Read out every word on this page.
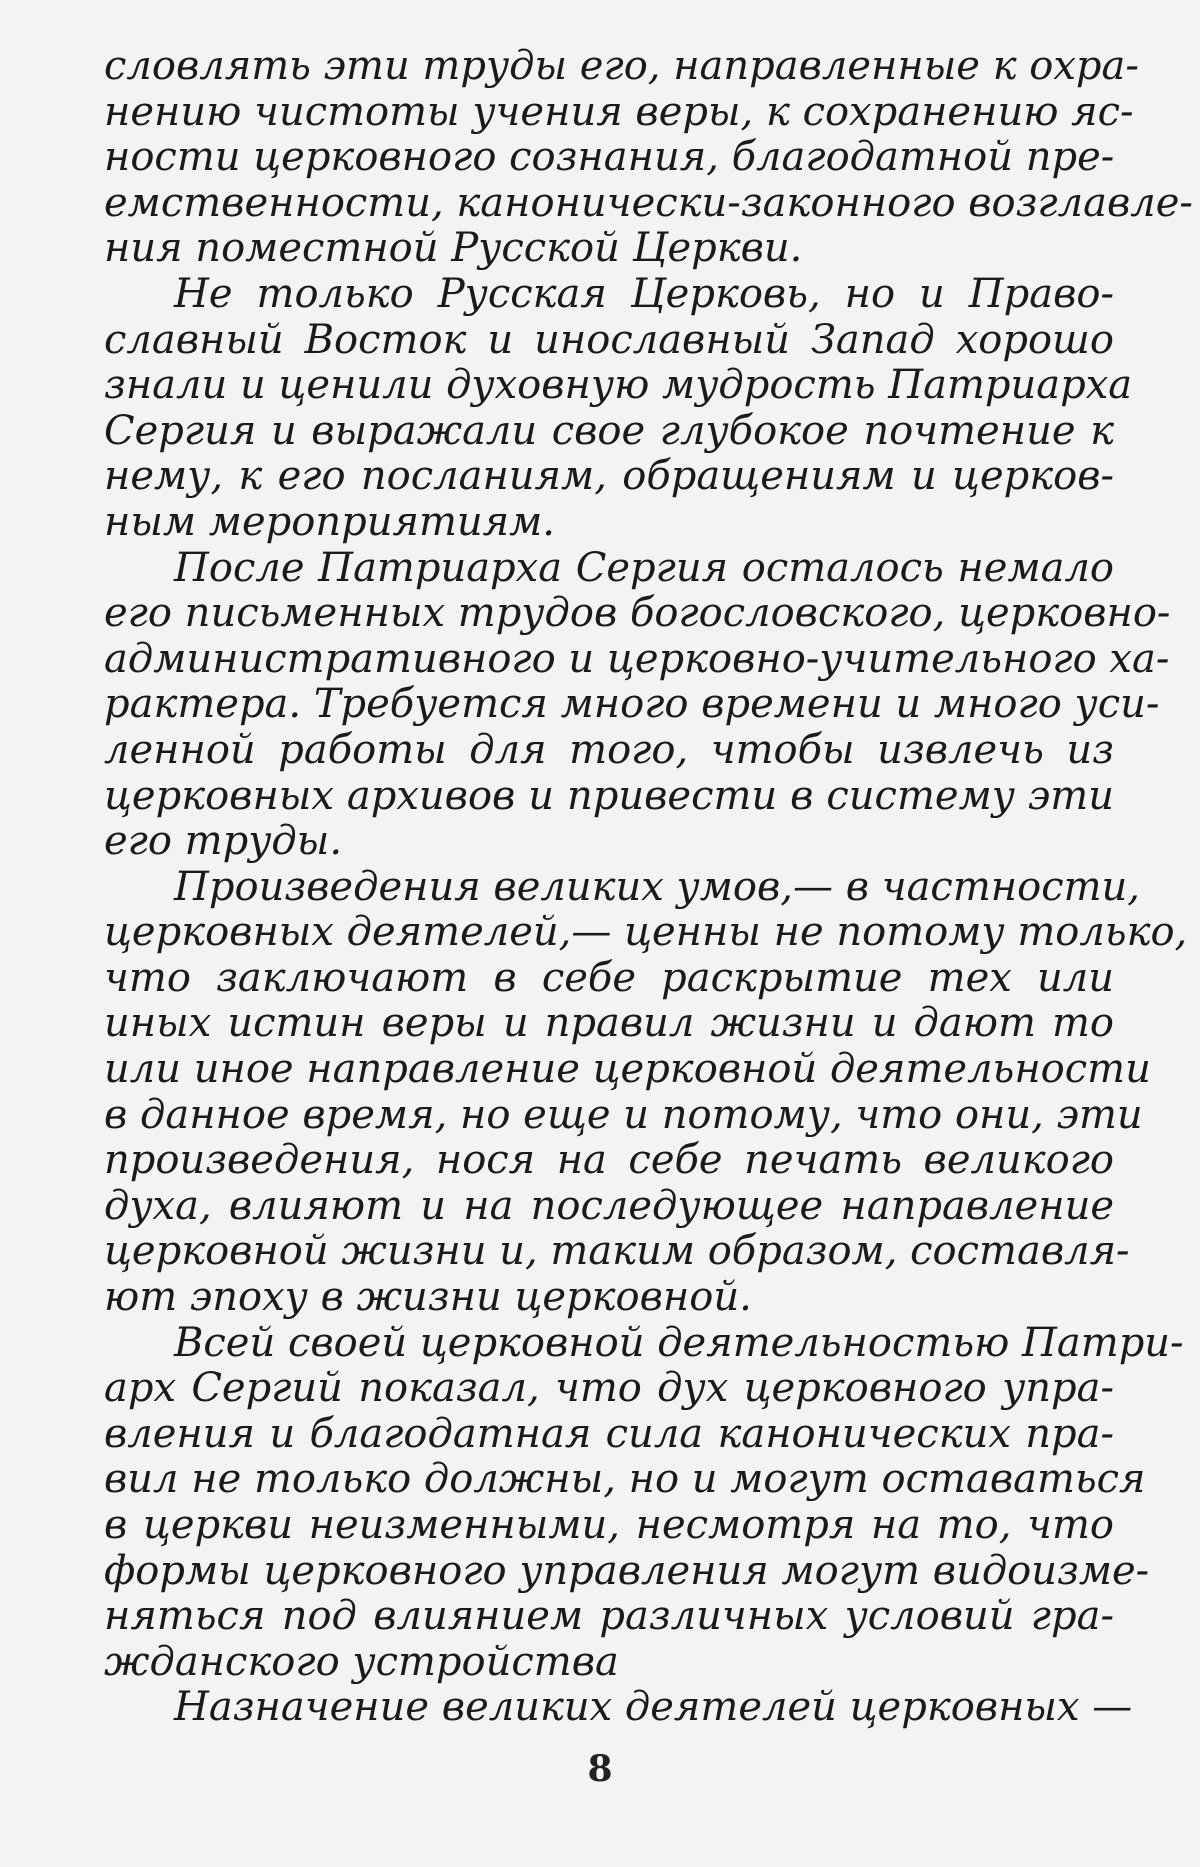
словлять эти труды его, направленные к охра-
нению чистоты учения веры, к сохранению яс-
ности церковного сознания, благодатной пре-
емственности, канонически-законного возглавле-
ния поместной Русской Церкви.
Не только Русская Церковь, но и Право-
славный Восток и инославный Запад хорошо
знали и ценили духовную мудрость Патриарха
Сергия и выражали свое глубокое почтение к
нему, к его посланиям, обращениям и церков-
ным мероприятиям.
После Патриарха Сергия осталось немало
его письменных трудов богословского, церковно-
административного и церковно-учительного ха-
рактера. Требуется много времени и много уси-
ленной работы для того, чтобы извлечь из
церковных архивов и привести в систему эти
его труды.
Произведения великих умов,— в частности,
церковных деятелей,— ценны не потому только,
что заключают в себе раскрытие тех или
иных истин веры и правил жизни и дают то
или иное направление церковной деятельности
в данное время, но еще и потому, что они, эти
произведения, нося на себе печать великого
духа, влияют и на последующее направление
церковной жизни и, таким образом, составля-
ют эпоху в жизни церковной.
Всей своей церковной деятельностью Патри-
арх Сергий показал, что дух церковного упра-
вления и благодатная сила канонических пра-
вил не только должны, но и могут оставаться
в церкви неизменными, несмотря на то, что
формы церковного управления могут видоизме-
няться под влиянием различных условий гра-
жданского устройства
Назначение великих деятелей церковных —
8
